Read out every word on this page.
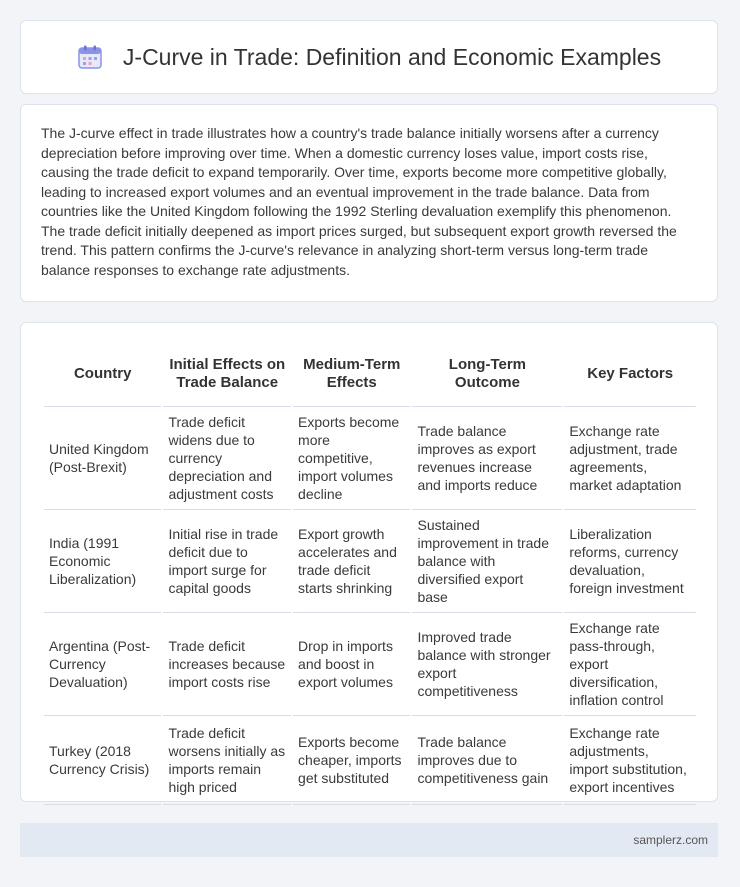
J-Curve in Trade: Definition and Economic Examples

The J-curve effect in trade illustrates how a country's trade balance initially worsens after a currency depreciation before improving over time. When a domestic currency loses value, import costs rise, causing the trade deficit to expand temporarily. Over time, exports become more competitive globally, leading to increased export volumes and an eventual improvement in the trade balance. Data from countries like the United Kingdom following the 1992 Sterling devaluation exemplify this phenomenon. The trade deficit initially deepened as import prices surged, but subsequent export growth reversed the trend. This pattern confirms the J-curve's relevance in analyzing short-term versus long-term trade balance responses to exchange rate adjustments.

Country	Initial Effects on Trade Balance	Medium-Term Effects	Long-Term Outcome	Key Factors
United Kingdom (Post-Brexit)	Trade deficit widens due to currency depreciation and adjustment costs	Exports become more competitive, import volumes decline	Trade balance improves as export revenues increase and imports reduce	Exchange rate adjustment, trade agreements, market adaptation
India (1991 Economic Liberalization)	Initial rise in trade deficit due to import surge for capital goods	Export growth accelerates and trade deficit starts shrinking	Sustained improvement in trade balance with diversified export base	Liberalization reforms, currency devaluation, foreign investment
Argentina (Post-Currency Devaluation)	Trade deficit increases because import costs rise	Drop in imports and boost in export volumes	Improved trade balance with stronger export competitiveness	Exchange rate pass-through, export diversification, inflation control
Turkey (2018 Currency Crisis)	Trade deficit worsens initially as imports remain high priced	Exports become cheaper, imports get substituted	Trade balance improves due to competitiveness gain	Exchange rate adjustments, import substitution, export incentives
samplerz.com
